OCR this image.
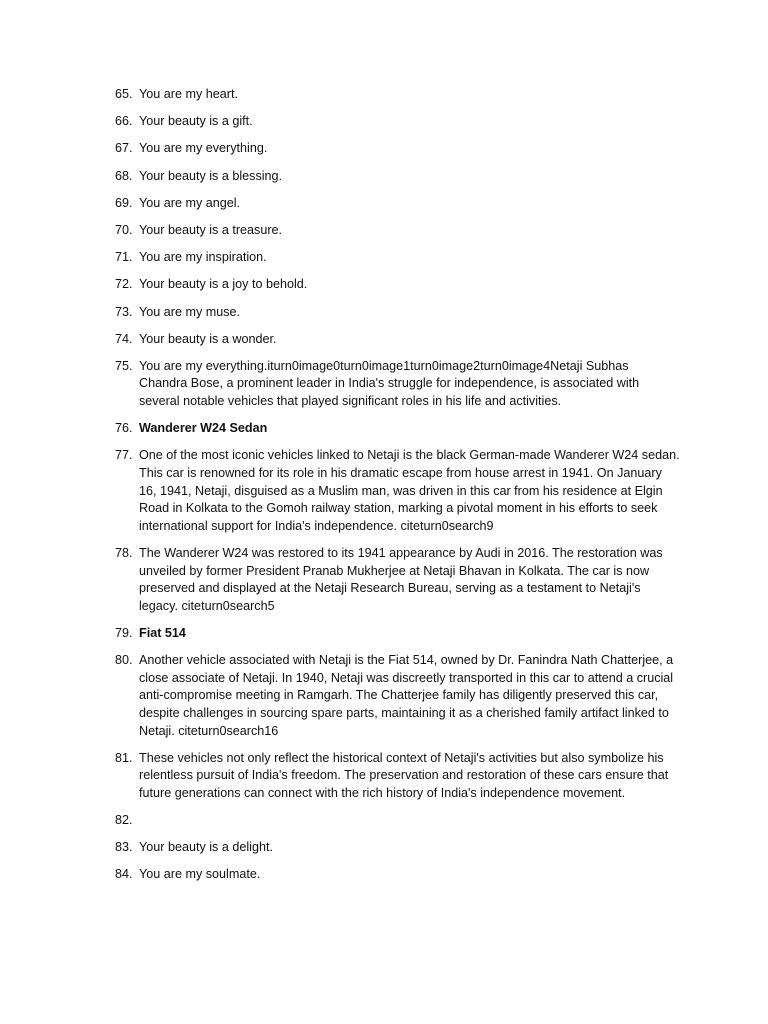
65. You are my heart.
66. Your beauty is a gift.
67. You are my everything.
68. Your beauty is a blessing.
69. You are my angel.
70. Your beauty is a treasure.
71. You are my inspiration.
72. Your beauty is a joy to behold.
73. You are my muse.
74. Your beauty is a wonder.
75. You are my everything.iturn0image0turn0image1turn0image2turn0image4Netaji Subhas Chandra Bose, a prominent leader in India's struggle for independence, is associated with several notable vehicles that played significant roles in his life and activities.
76. Wanderer W24 Sedan
77. One of the most iconic vehicles linked to Netaji is the black German-made Wanderer W24 sedan. This car is renowned for its role in his dramatic escape from house arrest in 1941. On January 16, 1941, Netaji, disguised as a Muslim man, was driven in this car from his residence at Elgin Road in Kolkata to the Gomoh railway station, marking a pivotal moment in his efforts to seek international support for India's independence. citeturn0search9
78. The Wanderer W24 was restored to its 1941 appearance by Audi in 2016. The restoration was unveiled by former President Pranab Mukherjee at Netaji Bhavan in Kolkata. The car is now preserved and displayed at the Netaji Research Bureau, serving as a testament to Netaji's legacy. citeturn0search5
79. Fiat 514
80. Another vehicle associated with Netaji is the Fiat 514, owned by Dr. Fanindra Nath Chatterjee, a close associate of Netaji. In 1940, Netaji was discreetly transported in this car to attend a crucial anti-compromise meeting in Ramgarh. The Chatterjee family has diligently preserved this car, despite challenges in sourcing spare parts, maintaining it as a cherished family artifact linked to Netaji. citeturn0search16
81. These vehicles not only reflect the historical context of Netaji's activities but also symbolize his relentless pursuit of India's freedom. The preservation and restoration of these cars ensure that future generations can connect with the rich history of India's independence movement.
82.
83. Your beauty is a delight.
84. You are my soulmate.
